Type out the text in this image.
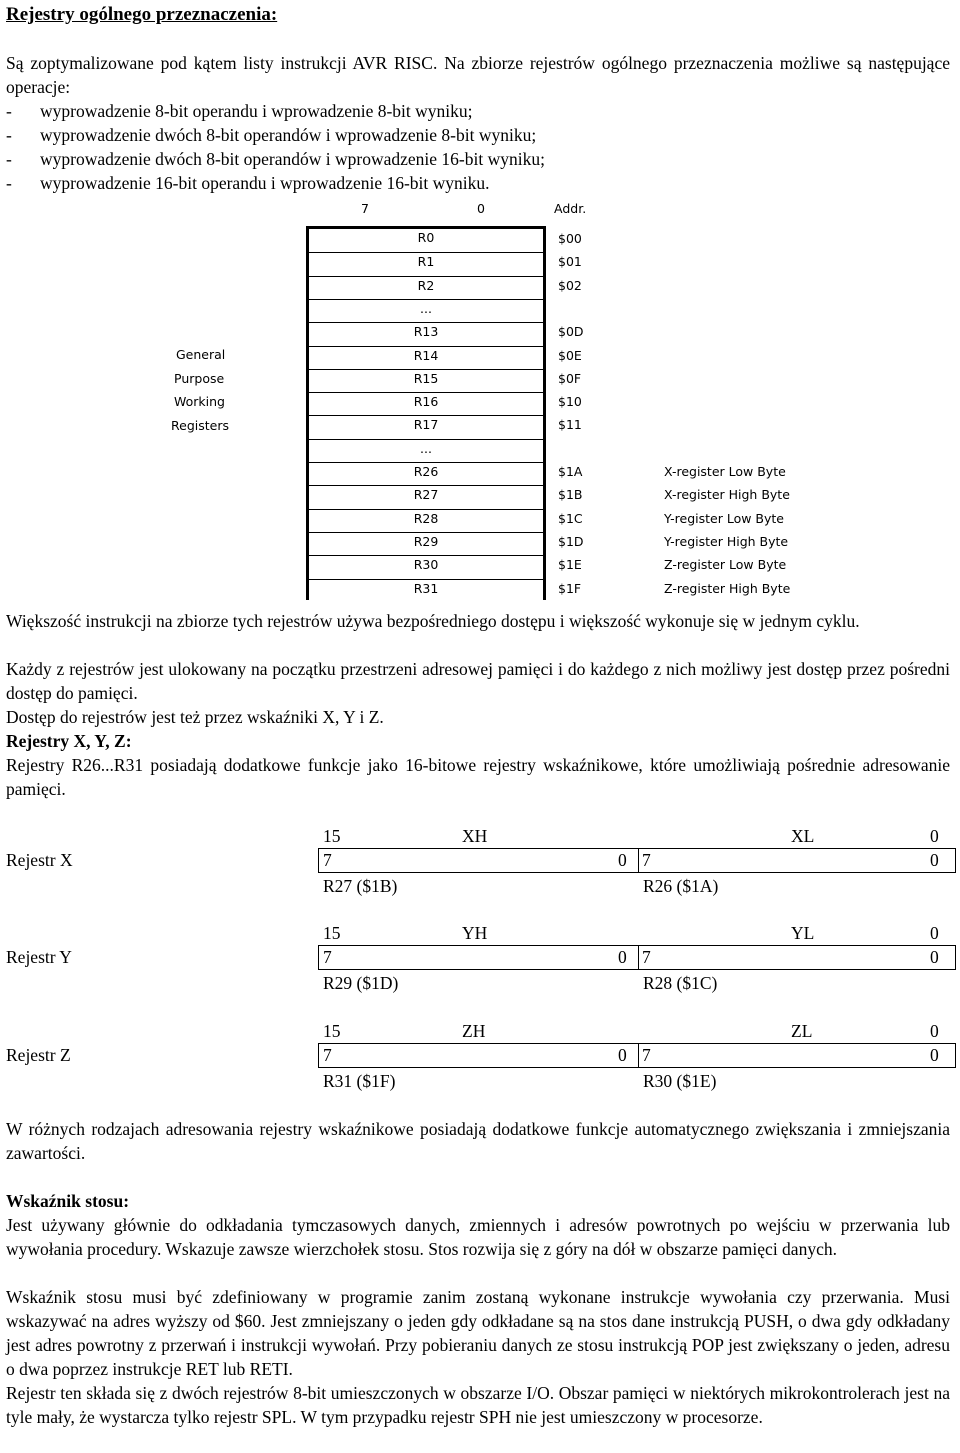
Rejestry ogólnego przeznaczenia:

Są zoptymalizowane pod kątem listy instrukcji AVR RISC. Na zbiorze rejestrów ogólnego przeznaczenia możliwe są następujące operacje:

- wyprowadzenie 8-bit operandu i wprowadzenie 8-bit wyniku;
- wyprowadzenie dwóch 8-bit operandów i wprowadzenie 8-bit wyniku;
- wyprowadzenie dwóch 8-bit operandów i wprowadzenie 16-bit wyniku;
- wyprowadzenie 16-bit operandu i wprowadzenie 16-bit wyniku.
7	0	Addr.
General
Purpose
Working
Registers
R0	$00
R1	$01
R2	$02
...
R13	$0D
R14	$0E
R15	$0F
R16	$10
R17	$11
...
R26	$1A	X-register Low Byte
R27	$1B	X-register High Byte
R28	$1C	Y-register Low Byte
R29	$1D	Y-register High Byte
R30	$1E	Z-register Low Byte
R31	$1F	Z-register High Byte

Większość instrukcji na zbiorze tych rejestrów używa bezpośredniego dostępu i większość wykonuje się w jednym cyklu.

Każdy z rejestrów jest ulokowany na początku przestrzeni adresowej pamięci i do każdego z nich możliwy jest dostęp przez pośredni dostęp do pamięci.

Dostęp do rejestrów jest też przez wskaźniki X, Y i Z.

Rejestry X, Y, Z:

Rejestry R26...R31 posiadają dodatkowe funkcje jako 16-bitowe rejestry wskaźnikowe, które umożliwiają pośrednie adresowanie pamięci.

15	XH	XL	0
Rejestr X	7	0 7	0
R27 ($1B)	R26 ($1A)
15	YH	YL	0
Rejestr Y	7	0 7	0
R29 ($1D)	R28 ($1C)
15	ZH	ZL	0
Rejestr Z	7	0 7	0
R31 ($1F)	R30 ($1E)

W różnych rodzajach adresowania rejestry wskaźnikowe posiadają dodatkowe funkcje automatycznego zwiększania i zmniejszania zawartości.

Wskaźnik stosu:

Jest używany głównie do odkładania tymczasowych danych, zmiennych i adresów powrotnych po wejściu w przerwania lub wywołania procedury. Wskazuje zawsze wierzchołek stosu. Stos rozwija się z góry na dół w obszarze pamięci danych.

Wskaźnik stosu musi być zdefiniowany w programie zanim zostaną wykonane instrukcje wywołania czy przerwania. Musi wskazywać na adres wyższy od $60. Jest zmniejszany o jeden gdy odkładane są na stos dane instrukcją PUSH, o dwa gdy odkładany jest adres powrotny z przerwań i instrukcji wywołań. Przy pobieraniu danych ze stosu instrukcją POP jest zwiększany o jeden, adresu o dwa poprzez instrukcje RET lub RETI.

Rejestr ten składa się z dwóch rejestrów 8-bit umieszczonych w obszarze I/O. Obszar pamięci w niektórych mikrokontrolerach jest na tyle mały, że wystarcza tylko rejestr SPL. W tym przypadku rejestr SPH nie jest umieszczony w procesorze.
